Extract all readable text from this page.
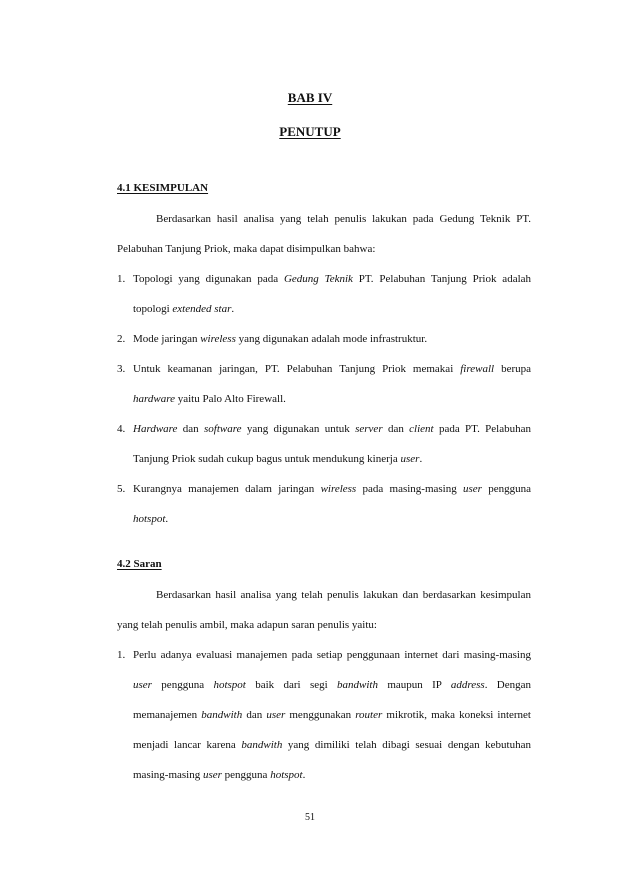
BAB IV
PENUTUP
4.1 KESIMPULAN
Berdasarkan hasil analisa yang telah penulis lakukan pada Gedung Teknik PT. Pelabuhan Tanjung Priok, maka dapat disimpulkan bahwa:
1. Topologi yang digunakan pada Gedung Teknik PT. Pelabuhan Tanjung Priok adalah topologi extended star.
2. Mode jaringan wireless yang digunakan adalah mode infrastruktur.
3. Untuk keamanan jaringan, PT. Pelabuhan Tanjung Priok memakai firewall berupa hardware yaitu Palo Alto Firewall.
4. Hardware dan software yang digunakan untuk server dan client pada PT. Pelabuhan Tanjung Priok sudah cukup bagus untuk mendukung kinerja user.
5. Kurangnya manajemen dalam jaringan wireless pada masing-masing user pengguna hotspot.
4.2 Saran
Berdasarkan hasil analisa yang telah penulis lakukan dan berdasarkan kesimpulan yang telah penulis ambil, maka adapun saran penulis yaitu:
1. Perlu adanya evaluasi manajemen pada setiap penggunaan internet dari masing-masing user pengguna hotspot baik dari segi bandwith maupun IP address. Dengan memanajemen bandwith dan user menggunakan router mikrotik, maka koneksi internet menjadi lancar karena bandwith yang dimiliki telah dibagi sesuai dengan kebutuhan masing-masing user pengguna hotspot.
51
